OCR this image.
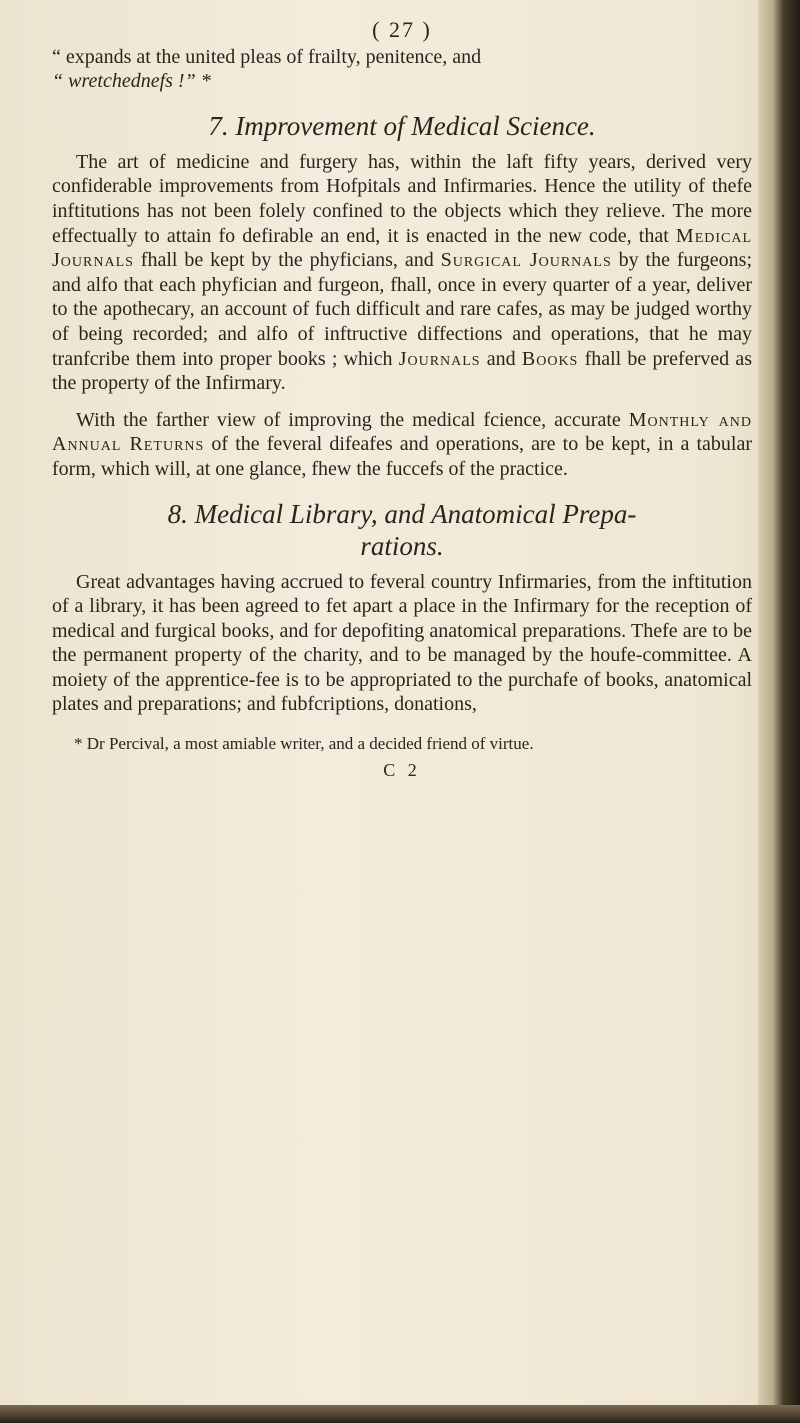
( 27 )
“ expands at the united pleas of frailty, penitence, and
“ wretchednefs !” *
7. Improvement of Medical Science.

The art of medicine and furgery has, within the laft fifty years, derived very confiderable improvements from Hofpitals and Infirmaries. Hence the utility of thefe inftitutions has not been folely confined to the objects which they relieve. The more effectually to attain fo defirable an end, it is enacted in the new code, that Medical Journals fhall be kept by the phyficians, and Surgical Journals by the furgeons; and alfo that each phyfician and furgeon, fhall, once in every quarter of a year, deliver to the apothecary, an account of fuch difficult and rare cafes, as may be judged worthy of being recorded; and alfo of inftructive diffections and operations, that he may tranfcribe them into proper books ; which Journals and Books fhall be preferved as the property of the Infirmary.

With the farther view of improving the medical fcience, accurate Monthly and Annual Returns of the feveral difeafes and operations, are to be kept, in a tabular form, which will, at one glance, fhew the fuccefs of the practice.

8. Medical Library, and Anatomical Prepa-
rations.

Great advantages having accrued to feveral country Infirmaries, from the inftitution of a library, it has been agreed to fet apart a place in the Infirmary for the reception of medical and furgical books, and for depofiting anatomical preparations. Thefe are to be the permanent property of the charity, and to be managed by the houfe-committee. A moiety of the apprentice-fee is to be appropriated to the purchafe of books, anatomical plates and preparations; and fubfcriptions, donations,

* Dr Percival, a most amiable writer, and a decided friend of virtue.
C 2
